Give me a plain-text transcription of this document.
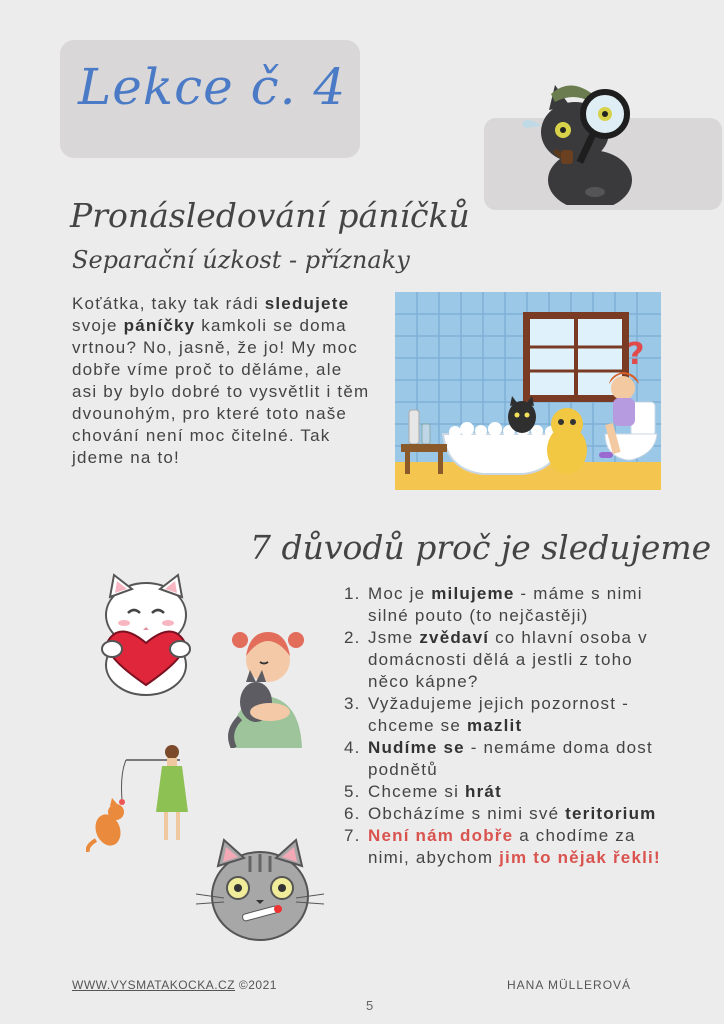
Lekce č. 4
Pronásledování páníčků
Separační úzkost - příznaky
Koťátka, taky tak rádi sledujete svoje páníčky kamkoli se doma vrtnou? No, jasně, že jo! My moc dobře víme proč to děláme, ale asi by bylo dobré to vysvětlit i těm dvounohým, pro které toto naše chování není moc čitelné. Tak jdeme na to!
?
7 důvodů proč je sledujeme
1. Moc je milujeme - máme s nimi silné pouto (to nejčastěji)
2. Jsme zvědaví co hlavní osoba v domácnosti dělá a jestli z toho něco kápne?
3. Vyžadujeme jejich pozornost - chceme se mazlit
4. Nudíme se - nemáme doma dost podnětů
5. Chceme si hrát
6. Obcházíme s nimi své teritorium
7. Není nám dobře a chodíme za nimi, abychom jim to nějak řekli!
WWW.VYSMATAKOCKA.CZ ©2021	HANA MÜLLEROVÁ
5
